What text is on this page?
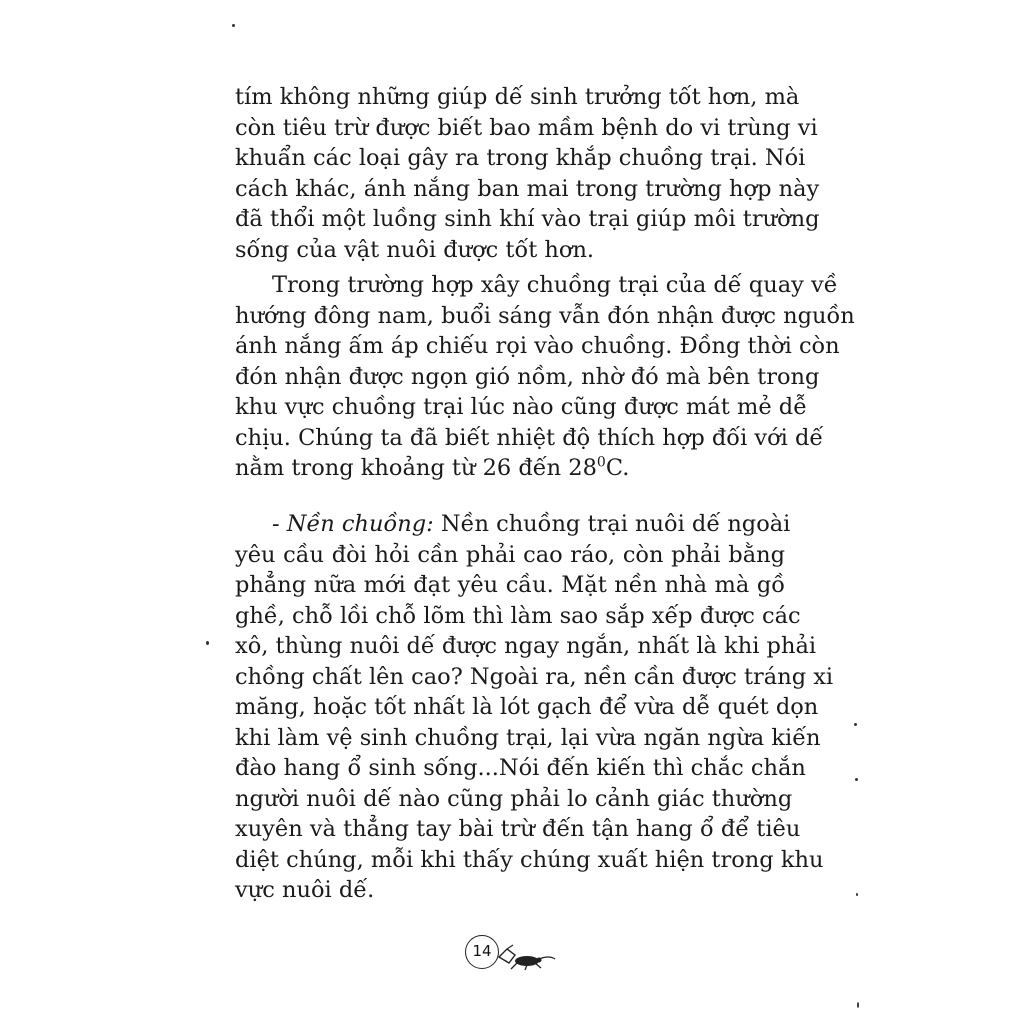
tím không những giúp dế sinh trưởng tốt hơn, mà
còn tiêu trừ được biết bao mầm bệnh do vi trùng vi
khuẩn các loại gây ra trong khắp chuồng trại. Nói
cách khác, ánh nắng ban mai trong trường hợp này
đã thổi một luồng sinh khí vào trại giúp môi trường
sống của vật nuôi được tốt hơn.
Trong trường hợp xây chuồng trại của dế quay về
hướng đông nam, buổi sáng vẫn đón nhận được nguồn
ánh nắng ấm áp chiếu rọi vào chuồng. Đồng thời còn
đón nhận được ngọn gió nồm, nhờ đó mà bên trong
khu vực chuồng trại lúc nào cũng được mát mẻ dễ
chịu. Chúng ta đã biết nhiệt độ thích hợp đối với dế
nằm trong khoảng từ 26 đến $28^0C$.
- Nền chuồng: Nền chuồng trại nuôi dế ngoài
yêu cầu đòi hỏi cần phải cao ráo, còn phải bằng
phẳng nữa mới đạt yêu cầu. Mặt nền nhà mà gồ
ghề, chỗ lồi chỗ lõm thì làm sao sắp xếp được các
xô, thùng nuôi dế được ngay ngắn, nhất là khi phải
chồng chất lên cao? Ngoài ra, nền cần được tráng xi
măng, hoặc tốt nhất là lót gạch để vừa dễ quét dọn
khi làm vệ sinh chuồng trại, lại vừa ngăn ngừa kiến
đào hang ổ sinh sống...Nói đến kiến thì chắc chắn
người nuôi dế nào cũng phải lo cảnh giác thường
xuyên và thẳng tay bài trừ đến tận hang ổ để tiêu
diệt chúng, mỗi khi thấy chúng xuất hiện trong khu
vực nuôi dế.
14
